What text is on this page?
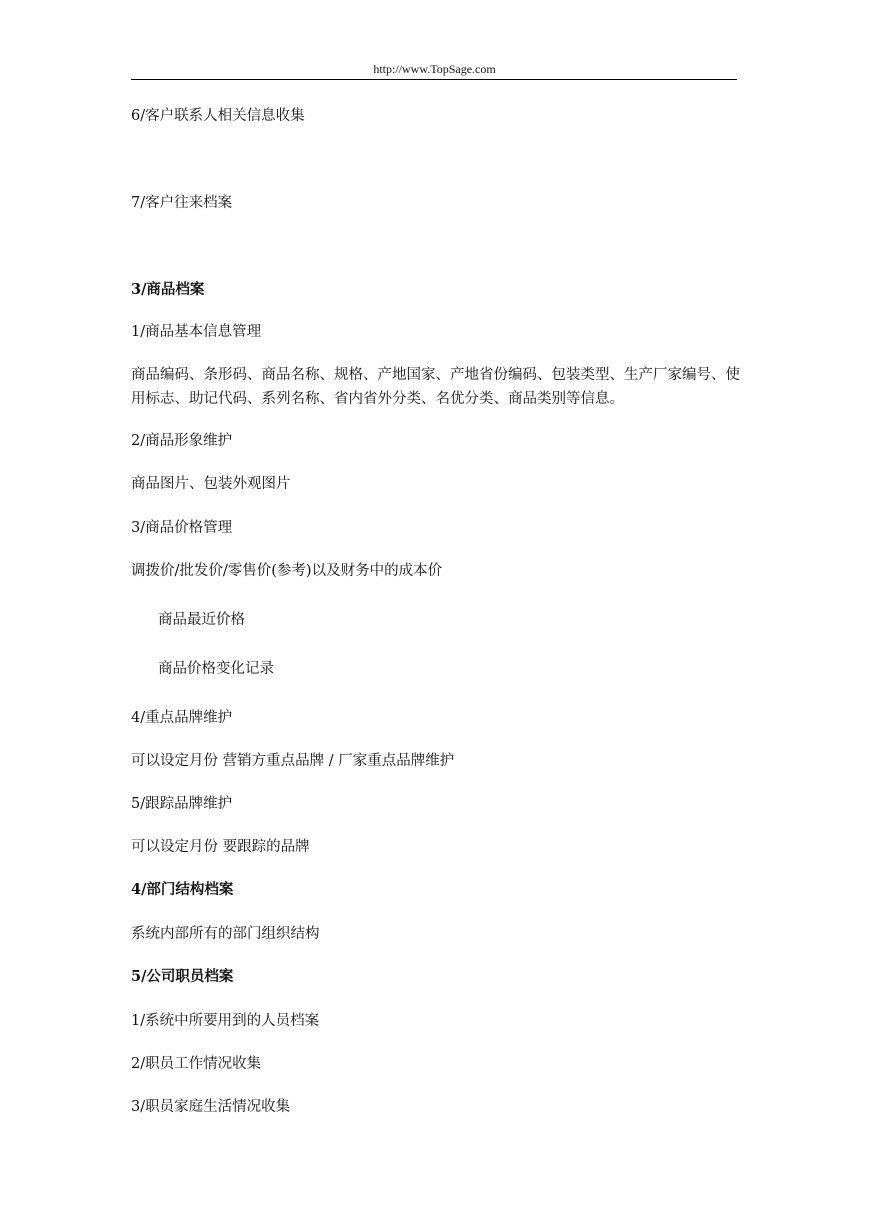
http://www.TopSage.com
6/客户联系人相关信息收集
7/客户往来档案
3/商品档案
1/商品基本信息管理
商品编码、条形码、商品名称、规格、产地国家、产地省份编码、包装类型、生产厂家编号、使用标志、助记代码、系列名称、省内省外分类、名优分类、商品类别等信息。
2/商品形象维护
商品图片、包装外观图片
3/商品价格管理
调拨价/批发价/零售价(参考)以及财务中的成本价
商品最近价格
商品价格变化记录
4/重点品牌维护
可以设定月份 营销方重点品牌 / 厂家重点品牌维护
5/跟踪品牌维护
可以设定月份 要跟踪的品牌
4/部门结构档案
系统内部所有的部门组织结构
5/公司职员档案
1/系统中所要用到的人员档案
2/职员工作情况收集
3/职员家庭生活情况收集
